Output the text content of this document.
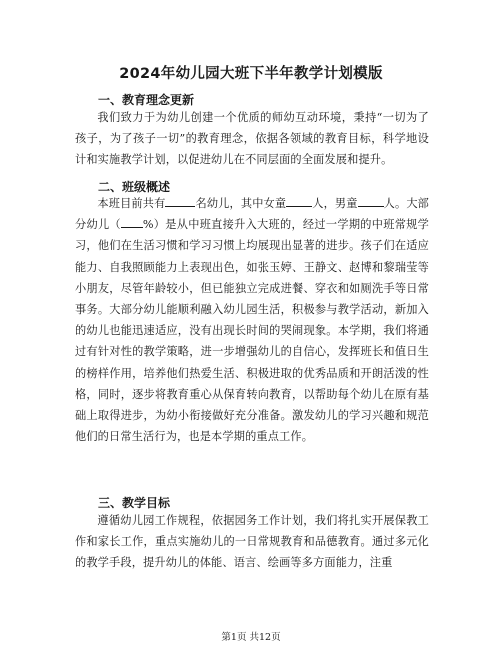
2024年幼儿园大班下半年教学计划模版
一、教育理念更新

我们致力于为幼儿创建一个优质的师幼互动环境，秉持“一切为了孩子，为了孩子一切”的教育理念，依据各领域的教育目标，科学地设计和实施教学计划，以促进幼儿在不同层面的全面发展和提升。

二、班级概述

本班目前共有	名幼儿，其中女童 人，男童 人。大部分幼儿（ %）是从中班直接升入大班的，经过一学期的中班常规学习，他们在生活习惯和学习习惯上均展现出显著的进步。孩子们在适应能力、自我照顾能力上表现出色，如张玉婷、王静文、赵博和黎瑞莹等小朋友，尽管年龄较小，但已能独立完成进餐、穿衣和如厕洗手等日常事务。大部分幼儿能顺利融入幼儿园生活，积极参与教学活动，新加入的幼儿也能迅速适应，没有出现长时间的哭闹现象。本学期，我们将通过有针对性的教学策略，进一步增强幼儿的自信心，发挥班长和值日生的榜样作用，培养他们热爱生活、积极进取的优秀品质和开朗活泼的性格，同时，逐步将教育重心从保育转向教育，以帮助每个幼儿在原有基础上取得进步，为幼小衔接做好充分准备。激发幼儿的学习兴趣和规范他们的日常生活行为，也是本学期的重点工作。

三、教学目标

遵循幼儿园工作规程，依据园务工作计划，我们将扎实开展保教工作和家长工作，重点实施幼儿的一日常规教育和品德教育。通过多元化的教学手段，提升幼儿的体能、语言、绘画等多方面能力，注重

第1页 共12页
